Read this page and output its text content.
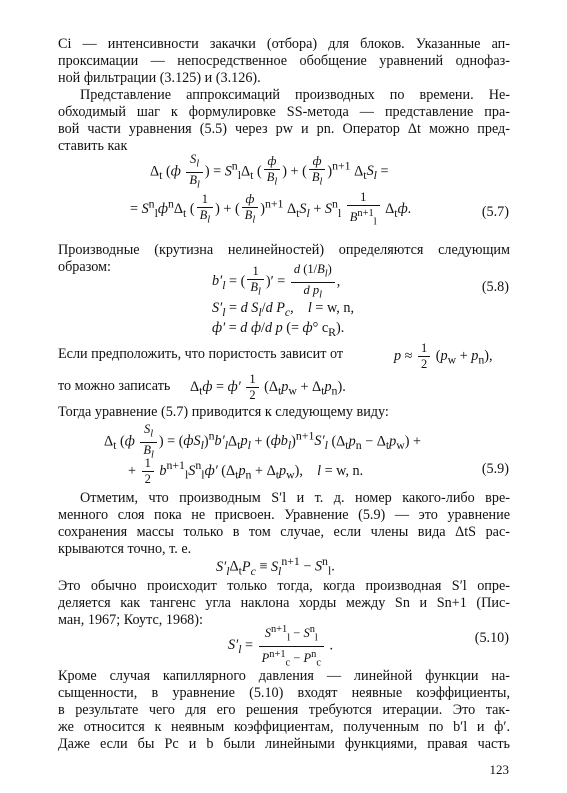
Ci — интенсивности закачки (отбора) для блоков. Указанные ап-
проксимации — непосредственное обобщение уравнений однофаз-
ной фильтрации (3.125) и (3.126).
Представление аппроксимаций производных по времени. Не-
обходимый шаг к формулировке SS-метода — представление пра-
вой части уравнения (5.5) через pw и pn. Оператор Δt можно пред-
ставить как
$\Delta_t$ ($ф \frac{S_l}{B_l}$ ) = $S^n_l\Delta_t$ ( $\frac{ф}{B_l}$ ) + ( $\frac{ф}{B_l} )^{n+1}$ $\Delta_tS_l$ =
= $S^n_lф^n\Delta_t$ ( $\frac{1}{B_l}$ ) + ( $\frac{ф}{B_l} )^{n+1}$ $\Delta_tS_l + S^n_l \frac{1}{B^{n+1}_l} \Delta_tф$.	(5.7)
Производные (крутизна нелинейностей) определяются следующим
образом:
$b'_l$ = ( $\frac{1}{B_l}$ )′ = $\frac{d (1/B_l)}{d p_l}$ ,	(5.8)
$S'_l = d$ $S_l/d$ $P_c$,    l = w, n,
ф′ = d ф/d p (= ф° $c_R$).
Если предположить, что пористость зависит от	$p \approx \frac{1}{2} (p_w + p_n)$,
то можно записать	$\Delta_tф = ф' \frac{1}{2} (\Delta_tp_w + \Delta_tp_n)$.
Тогда уравнение (5.7) приводится к следующему виду:
$\Delta_t$ ($ф \frac{S_l}{B_l}$ ) = $(фS_l)^nb'_l\Delta_tp_l + (фb_l)^{n+1}S'_l$ $(\Delta_tp_n - \Delta_tp_w)$ +
+ $\frac{1}{2} b^{n+1}_lS^n_lф'$ $(\Delta_tp_n + \Delta_tp_w)$,    l = w, n.	(5.9)
Отметим, что производным S′l и т. д. номер какого-либо вре-
менного слоя пока не присвоен. Уравнение (5.9) — это уравнение
сохранения массы только в том случае, если члены вида ΔtS рас-
крываются точно, т. е.
$S'_l\Delta_tP_c \equiv S_l^{n+1} - S^n_l$.
Это обычно происходит только тогда, когда производная S′l опре-
деляется как тангенс угла наклона хорды между Sn и Sn+1 (Пис-
ман, 1967; Коутс, 1968):
$S'_l = \frac{S^{n+1}_l - S^n_l}{P^{n+1}_c - P^n_c}$ .	(5.10)
Кроме случая капиллярного давления — линейной функции на-
сыщенности, в уравнение (5.10) входят неявные коэффициенты,
в результате чего для его решения требуются итерации. Это так-
же относится к неявным коэффициентам, полученным по b′l и ф′.
Даже если бы Pc и b были линейными функциями, правая часть
123
